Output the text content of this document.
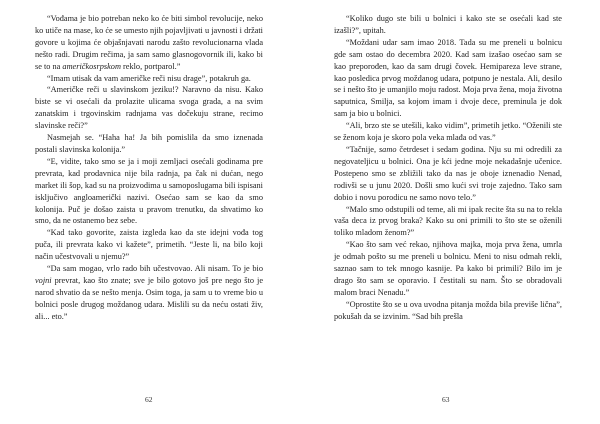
“Vođama je bio potreban neko ko će biti simbol revolucije, neko ko utiče na mase, ko će se umesto njih pojavljivati u javnosti i držati govore u kojima će objašnjavati narodu zašto revolucionarna vlada nešto radi. Drugim rečima, ja sam samo glasnogovornik ili, kako bi se to na američkosrpskom reklo, portparol.”

“Imam utisak da vam američke reči nisu drage”, potakruh ga.

“Američke reči u slavinskom jeziku!? Naravno da nisu. Kako biste se vi osećali da prolazite ulicama svoga grada, a na svim zanatskim i trgovinskim radnjama vas dočekuju strane, recimo slavinske reči?”

Nasmejah se. “Haha ha! Ja bih pomislila da smo iznenada postali slavinska kolonija.”

“E, vidite, tako smo se ja i moji zemljaci osećali godinama pre prevrata, kad prodavnica nije bila radnja, pa čak ni dućan, nego market ili šop, kad su na proizvodima u samoposlugama bili ispisani isključivo angloamerički nazivi. Osećao sam se kao da smo kolonija. Puč je došao zaista u pravom trenutku, da shvatimo ko smo, da ne ostanemo bez sebe.

“Kad tako govorite, zaista izgleda kao da ste idejni vođa tog puča, ili prevrata kako vi kažete”, primetih. “Jeste li, na bilo koji način učestvovali u njemu?”

“Da sam mogao, vrlo rado bih učestvovao. Ali nisam. To je bio vojni prevrat, kao što znate; sve je bilo gotovo još pre nego što je narod shvatio da se nešto menja. Osim toga, ja sam u to vreme bio u bolnici posle drugog moždanog udara. Mislili su da neću ostati živ, ali... eto.”

62

“Koliko dugo ste bili u bolnici i kako ste se osećali kad ste izašli?”, upitah.

“Moždani udar sam imao 2018. Tada su me preneli u bolnicu gde sam ostao do decembra 2020. Kad sam izašao osećao sam se kao preporođen, kao da sam drugi čovek. Hemipareza leve strane, kao posledica prvog moždanog udara, potpuno je nestala. Ali, desilo se i nešto što je umanjilo moju radost. Moja prva žena, moja životna saputnica, Smiljа, sa kojom imam i dvoje dece, preminula je dok sam ja bio u bolnici.

“Ali, brzo ste se utešili, kako vidim”, primetih jetko. “Oženili ste se ženom koja je skoro pola veka mlađa od vas.”

“Tačnije, samo četrdeset i sedam godina. Nju su mi odredili za negovateljicu u bolnici. Ona je kći jedne moje nekadašnje učenice. Postepeno smo se zbližili tako da nas je oboje iznenadio Nenad, rodivši se u junu 2020. Došli smo kući svi troje zajedno. Tako sam dobio i novu porodicu ne samo novo telo.”

“Malo smo odstupili od teme, ali mi ipak recite šta su na to rekla vaša deca iz prvog braka? Kako su oni primili to što ste se oženili toliko mladom ženom?”

“Kao što sam već rekao, njihova majka, moja prva žena, umrla je odmah pošto su me preneli u bolnicu. Meni to nisu odmah rekli, saznao sam to tek mnogo kasnije. Pa kako bi primili? Bilo im je drago što sam se oporavio. I čestitali su nam. Što se obradovali malom braci Nenadu.”

“Oprostite što se u ova uvodna pitanja možda bila previše lična”, pokušah da se izvinim. “Sad bih prešla

63
